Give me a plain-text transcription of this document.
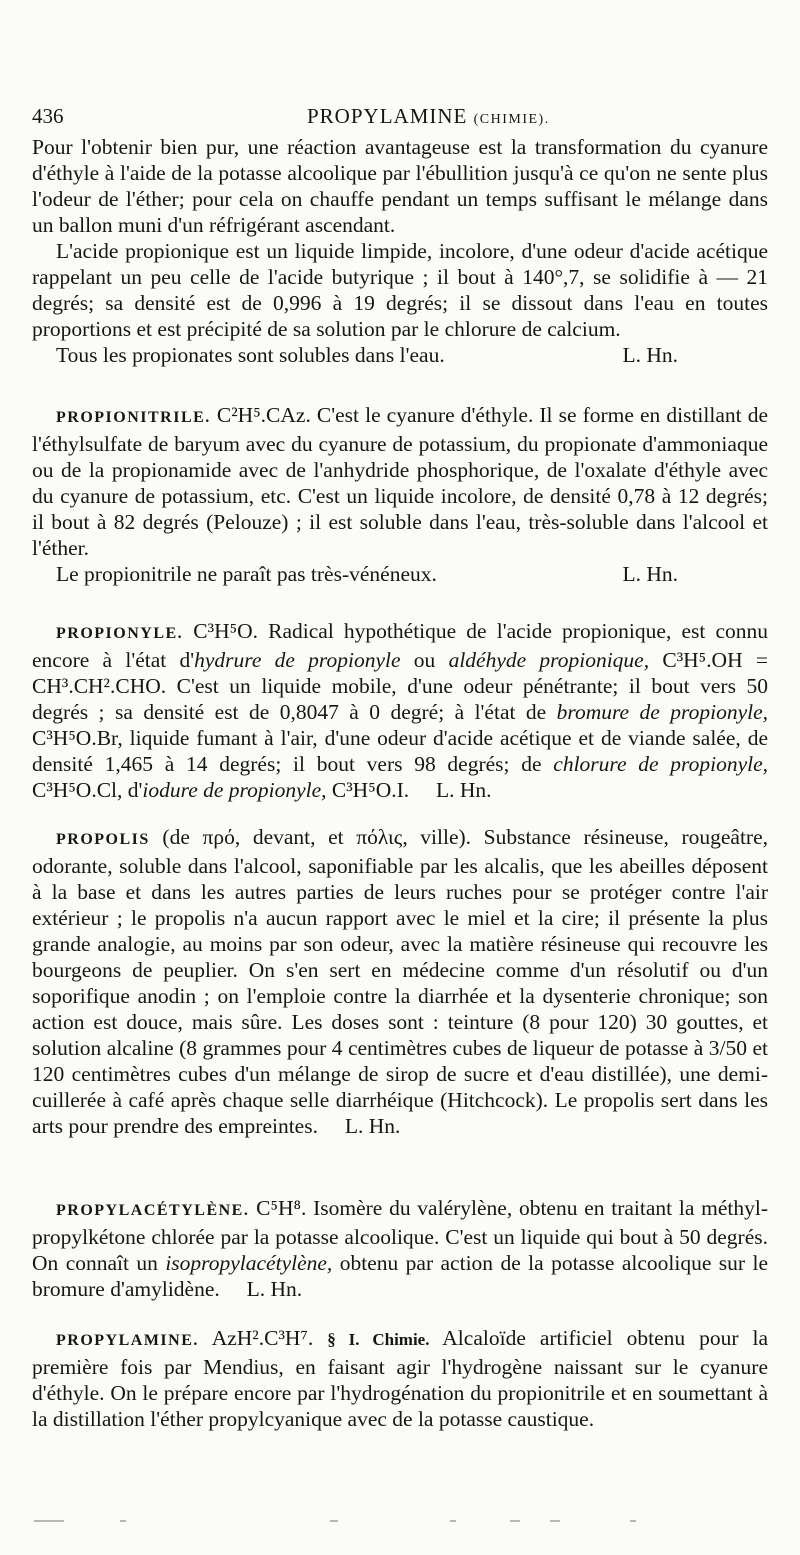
436	PROPYLAMINE (CHIMIE).

Pour l'obtenir bien pur, une réaction avantageuse est la transformation du cyanure d'éthyle à l'aide de la potasse alcoolique par l'ébullition jusqu'à ce qu'on ne sente plus l'odeur de l'éther; pour cela on chauffe pendant un temps suffisant le mélange dans un ballon muni d'un réfrigérant ascendant.

L'acide propionique est un liquide limpide, incolore, d'une odeur d'acide acétique rappelant un peu celle de l'acide butyrique ; il bout à 140°,7, se solidifie à — 21 degrés; sa densité est de 0,996 à 19 degrés; il se dissout dans l'eau en toutes proportions et est précipité de sa solution par le chlorure de calcium.

Tous les propionates sont solubles dans l'eau.	L. Hn.

PROPIONITRILE. C²H⁵.CAz. C'est le cyanure d'éthyle. Il se forme en distillant de l'éthylsulfate de baryum avec du cyanure de potassium, du propionate d'ammoniaque ou de la propionamide avec de l'anhydride phosphorique, de l'oxalate d'éthyle avec du cyanure de potassium, etc. C'est un liquide incolore, de densité 0,78 à 12 degrés; il bout à 82 degrés (Pelouze) ; il est soluble dans l'eau, très-soluble dans l'alcool et l'éther.

Le propionitrile ne paraît pas très-vénéneux.	L. Hn.

PROPIONYLE. C³H⁵O. Radical hypothétique de l'acide propionique, est connu encore à l'état d'hydrure de propionyle ou aldéhyde propionique, C³H⁵.OH = CH³.CH².CHO. C'est un liquide mobile, d'une odeur pénétrante; il bout vers 50 degrés ; sa densité est de 0,8047 à 0 degré; à l'état de bromure de propionyle, C³H⁵O.Br, liquide fumant à l'air, d'une odeur d'acide acétique et de viande salée, de densité 1,465 à 14 degrés; il bout vers 98 degrés; de chlorure de propionyle, C³H⁵O.Cl, d'iodure de propionyle, C³H⁵O.I. L. Hn.

PROPOLIS (de πρό, devant, et πόλις, ville). Substance résineuse, rougeâtre, odorante, soluble dans l'alcool, saponifiable par les alcalis, que les abeilles déposent à la base et dans les autres parties de leurs ruches pour se protéger contre l'air extérieur ; le propolis n'a aucun rapport avec le miel et la cire; il présente la plus grande analogie, au moins par son odeur, avec la matière résineuse qui recouvre les bourgeons de peuplier. On s'en sert en médecine comme d'un résolutif ou d'un soporifique anodin ; on l'emploie contre la diarrhée et la dysenterie chronique; son action est douce, mais sûre. Les doses sont : teinture (8 pour 120) 30 gouttes, et solution alcaline (8 grammes pour 4 centimètres cubes de liqueur de potasse à 3/50 et 120 centimètres cubes d'un mélange de sirop de sucre et d'eau distillée), une demi-cuillerée à café après chaque selle diarrhéique (Hitchcock). Le propolis sert dans les arts pour prendre des empreintes. L. Hn.

PROPYLACÉTYLÈNE. C⁵H⁸. Isomère du valérylène, obtenu en traitant la méthyl-propylkétone chlorée par la potasse alcoolique. C'est un liquide qui bout à 50 degrés. On connaît un isopropylacétylène, obtenu par action de la potasse alcoolique sur le bromure d'amylidène. L. Hn.

PROPYLAMINE. AzH².C³H⁷. § I. Chimie. Alcaloïde artificiel obtenu pour la première fois par Mendius, en faisant agir l'hydrogène naissant sur le cyanure d'éthyle. On le prépare encore par l'hydrogénation du propionitrile et en soumettant à la distillation l'éther propylcyanique avec de la potasse caustique.
